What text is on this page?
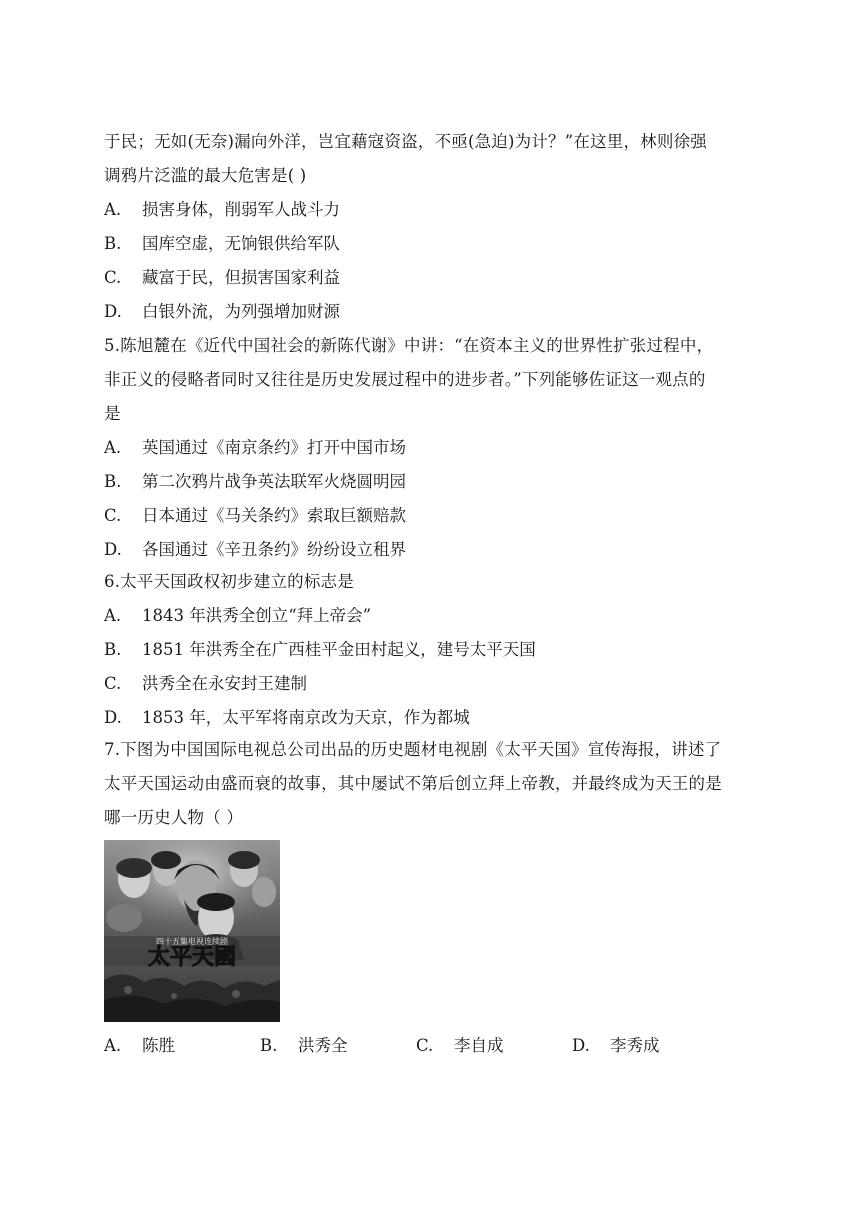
于民；无如(无奈)漏向外洋，岂宜藉寇资盗，不亟(急迫)为计？”在这里，林则徐强
调鸦片泛滥的最大危害是( )
A. 损害身体，削弱军人战斗力
B. 国库空虚，无饷银供给军队
C. 藏富于民，但损害国家利益
D. 白银外流，为列强增加财源
5.陈旭麓在《近代中国社会的新陈代谢》中讲：“在资本主义的世界性扩张过程中，
非正义的侵略者同时又往往是历史发展过程中的进步者。”下列能够佐证这一观点的
是
A. 英国通过《南京条约》打开中国市场
B. 第二次鸦片战争英法联军火烧圆明园
C. 日本通过《马关条约》索取巨额赔款
D. 各国通过《辛丑条约》纷纷设立租界
6.太平天国政权初步建立的标志是
A. 1843 年洪秀全创立“拜上帝会”
B. 1851 年洪秀全在广西桂平金田村起义，建号太平天国
C. 洪秀全在永安封王建制
D. 1853 年，太平军将南京改为天京，作为都城
7.下图为中国国际电视总公司出品的历史题材电视剧《太平天国》宣传海报，讲述了
太平天国运动由盛而衰的故事，其中屡试不第后创立拜上帝教，并最终成为天王的是
哪一历史人物（ ）
四十五集电视连续剧
太平天國
A. 陈胜	B. 洪秀全	C. 李自成	D. 李秀成
